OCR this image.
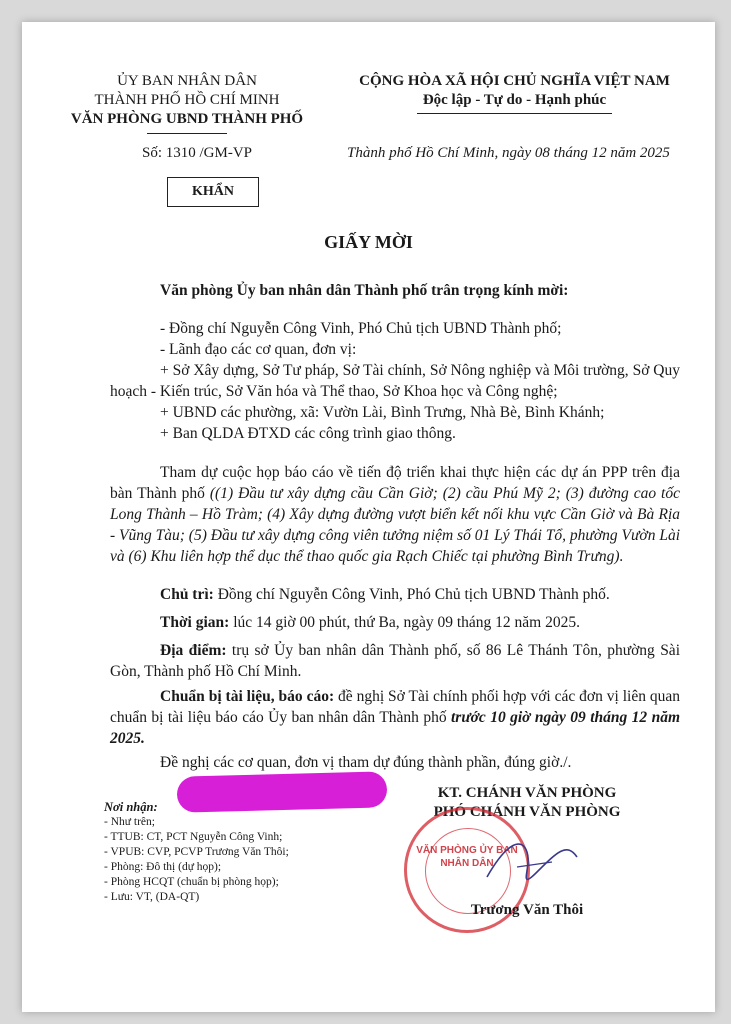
ỦY BAN NHÂN DÂN
THÀNH PHỐ HỒ CHÍ MINH
VĂN PHÒNG UBND THÀNH PHỐ
CỘNG HÒA XÃ HỘI CHỦ NGHĨA VIỆT NAM
Độc lập - Tự do - Hạnh phúc
Số: 1310 /GM-VP	Thành phố Hồ Chí Minh, ngày 08 tháng 12 năm 2025
KHẨN
GIẤY MỜI
Văn phòng Ủy ban nhân dân Thành phố trân trọng kính mời:
- Đồng chí Nguyễn Công Vinh, Phó Chủ tịch UBND Thành phố;
- Lãnh đạo các cơ quan, đơn vị:
+ Sở Xây dựng, Sở Tư pháp, Sở Tài chính, Sở Nông nghiệp và Môi trường, Sở Quy hoạch - Kiến trúc, Sở Văn hóa và Thể thao, Sở Khoa học và Công nghệ;
+ UBND các phường, xã: Vườn Lài, Bình Trưng, Nhà Bè, Bình Khánh;
+ Ban QLDA ĐTXD các công trình giao thông.
Tham dự cuộc họp báo cáo về tiến độ triển khai thực hiện các dự án PPP trên địa bàn Thành phố ((1) Đầu tư xây dựng cầu Cần Giờ; (2) cầu Phú Mỹ 2; (3) đường cao tốc Long Thành – Hồ Tràm; (4) Xây dựng đường vượt biển kết nối khu vực Cần Giờ và Bà Rịa - Vũng Tàu; (5) Đầu tư xây dựng công viên tưởng niệm số 01 Lý Thái Tổ, phường Vườn Lài và (6) Khu liên hợp thể dục thể thao quốc gia Rạch Chiếc tại phường Bình Trưng).
Chủ trì: Đồng chí Nguyễn Công Vinh, Phó Chủ tịch UBND Thành phố.
Thời gian: lúc 14 giờ 00 phút, thứ Ba, ngày 09 tháng 12 năm 2025.
Địa điểm: trụ sở Ủy ban nhân dân Thành phố, số 86 Lê Thánh Tôn, phường Sài Gòn, Thành phố Hồ Chí Minh.
Chuẩn bị tài liệu, báo cáo: đề nghị Sở Tài chính phối hợp với các đơn vị liên quan chuẩn bị tài liệu báo cáo Ủy ban nhân dân Thành phố trước 10 giờ ngày 09 tháng 12 năm 2025.
Đề nghị các cơ quan, đơn vị tham dự đúng thành phần, đúng giờ./.
Nơi nhận:
- Như trên;
- TTUB: CT, PCT Nguyễn Công Vinh;
- VPUB: CVP, PCVP Trương Văn Thôi;
- Phòng: Đô thị (dự họp);
- Phòng HCQT (chuẩn bị phòng họp);
- Lưu: VT, (DA-QT)
KT. CHÁNH VĂN PHÒNG
PHÓ CHÁNH VĂN PHÒNG
VĂN PHÒNG ỦY BAN NHÂN DÂN
Trương Văn Thôi
